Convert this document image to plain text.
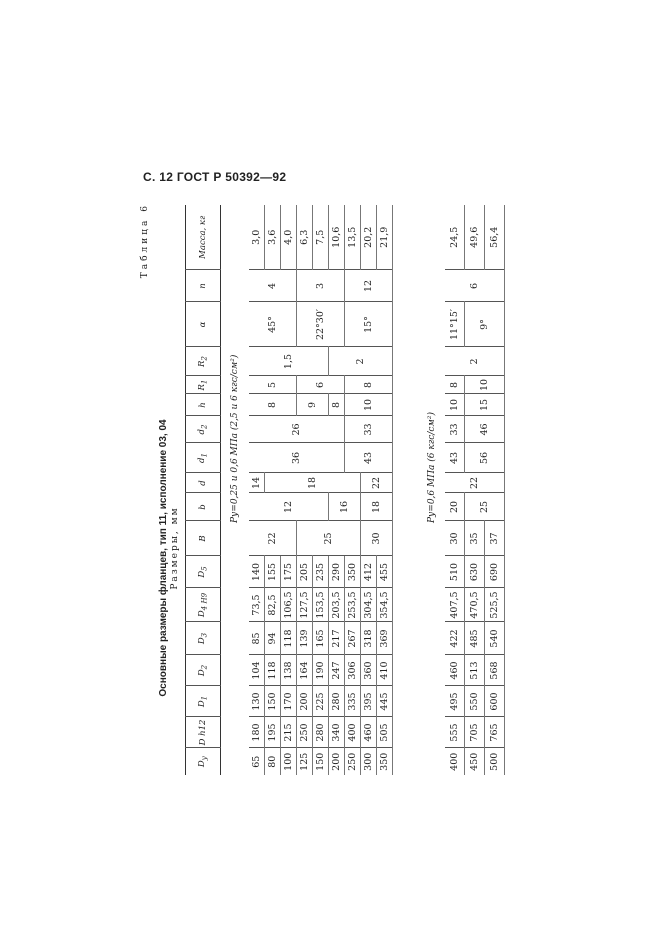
С. 12 ГОСТ Р 50392—92
Таблица 6
Основные размеры фланцев, тип 11, исполнение 03, 04 Размеры, мм
$D_y$	D h12	$D_1$	$D_2$	$D_3$	$D_{4 H9}$	$D_5$	B	b	d	$d_1$	$d_2$	h	$R_1$	$R_2$	α	n	Масса, кг
Pу=0,25 и 0,6 МПа (2,5 и 6 кгс/см²)																	
65	180	130	104	85	73,5	140	22	12	14	36	26	8	5	1,5	45°	4	3,0
80	195	150	118	94	82,5	155			18								3,6
100	215	170	138	118	106,5	175											4,0
125	250	200	164	139	127,5	205	25					9	6		22°30′	3	6,3
150	280	225	190	165	153,5	235											7,5
200	340	280	247	217	203,5	290		16				8		2			10,6
250	400	335	306	267	253,5	350				43	33	10	8		15°	12	13,5
300	460	395	360	318	304,5	412	30	18	22								20,2
350	505	445	410	369	354,5	455											21,9
Pу=0,6 МПа (6 кгс/см²)																	
400	555	495	460	422	407,5	510	30	20	22	43	33	10	8	2	11°15′	6	24,5
450	705	550	513	485	470,5	630	35	25		56	46	15	10		9°		49,6
500	765	600	568	540	525,5	690	37										56,4
